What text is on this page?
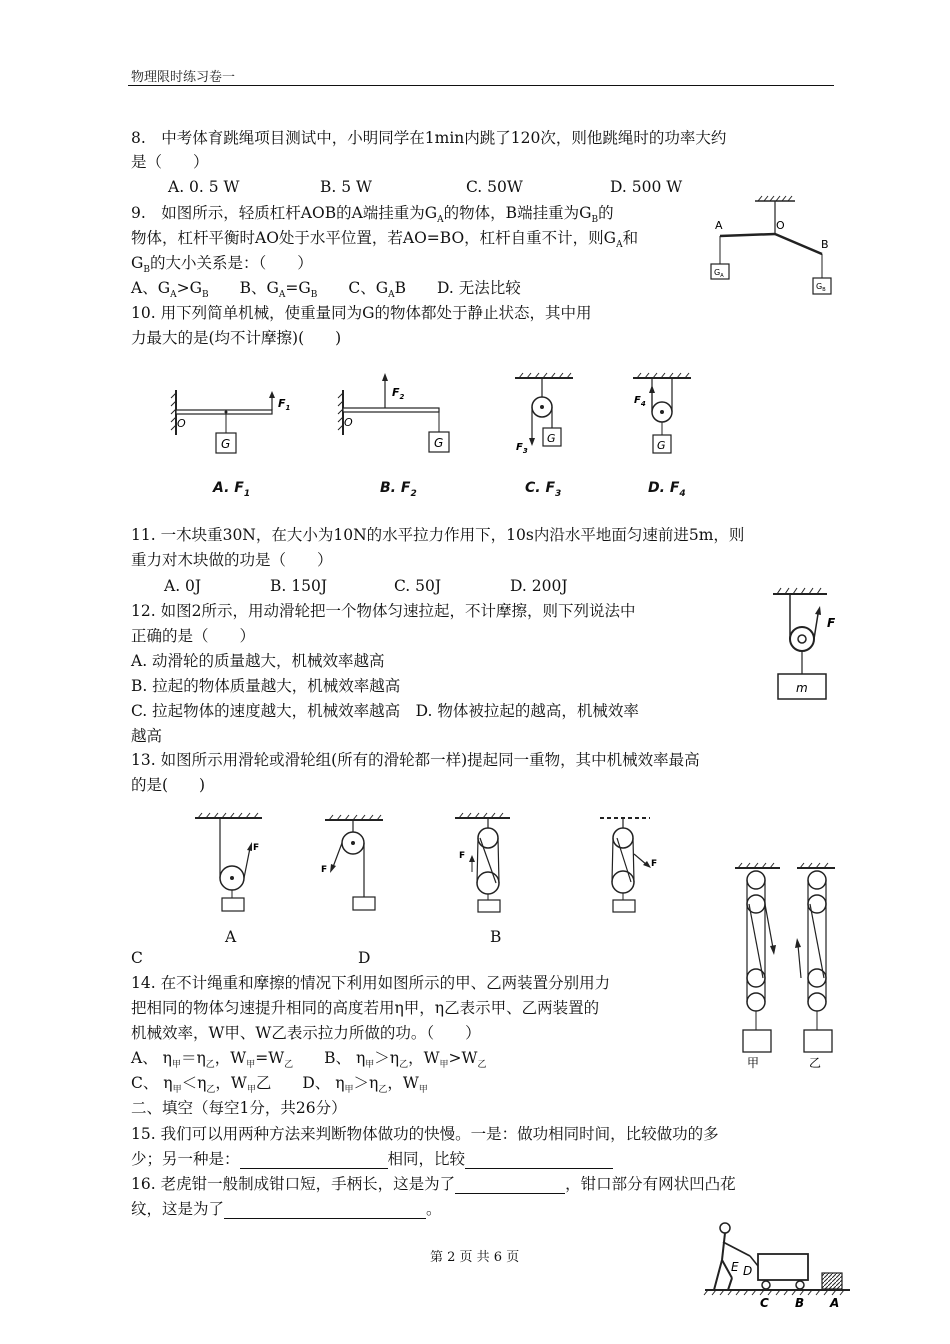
物理限时练习卷一
8.　中考体育跳绳项目测试中，小明同学在1min内跳了120次，则他跳绳时的功率大约
是（　　）
A. 0. 5 W	B. 5 W	C. 50W	D. 500 W
9.　如图所示，轻质杠杆AOB的A端挂重为$G_A$的物体，B端挂重为$G_B$的
物体，杠杆平衡时AO处于水平位置，若AO=BO，杠杆自重不计，则$G_A$和
$G_B$的大小关系是：（　　）
A、$G_A>G_B$　　B、$G_A=G_B$　　C、$G_AB$　　D. 无法比较
A	O
B
$G_A$
$G_B$
10. 用下列简单机械，使重量同为G的物体都处于静止状态，其中用
力最大的是(均不计摩擦)(　　)
O
G
$F_1$
A. $F_1$
O
$F_2$
G
B. $F_2$
G
$F_3$
C. $F_3$
G
$F_4$
D. $F_4$
11. 一木块重30N，在大小为10N的水平拉力作用下，10s内沿水平地面匀速前进5m，则
重力对木块做的功是（　　）
A. 0J	B. 150J	C. 50J	D. 200J
12. 如图2所示，用动滑轮把一个物体匀速拉起，不计摩擦，则下列说法中
正确的是（　　）
A. 动滑轮的质量越大，机械效率越高
B. 拉起的物体质量越大，机械效率越高
C. 拉起物体的速度越大，机械效率越高　D. 物体被拉起的越高，机械效率
越高
F
m
13. 如图所示用滑轮或滑轮组(所有的滑轮都一样)提起同一重物，其中机械效率最高
的是(　　)
F
F
F
F
A	B
C	D
14. 在不计绳重和摩擦的情况下利用如图所示的甲、乙两装置分别用力
把相同的物体匀速提升相同的高度若用η甲，η乙表示甲、乙两装置的
机械效率，W甲、W乙表示拉力所做的功。（　　）
A、 $\eta_甲=\eta_乙$，$W_甲=W_乙$　　B、 $\eta_甲>\eta_乙$，$W_甲>W_乙$
C、 $\eta_甲<\eta_乙$，$W_甲$乙　　D、 $\eta_甲>\eta_乙$，$W_甲$
甲	乙
二、填空（每空1分，共26分）
15. 我们可以用两种方法来判断物体做功的快慢。一是：做功相同时间，比较做功的多
少；另一种是：	相同，比较
16. 老虎钳一般制成钳口短，手柄长，这是为了	，钳口部分有网状凹凸花
纹，这是为了	。
E D
C B A
第 2 页 共 6 页
